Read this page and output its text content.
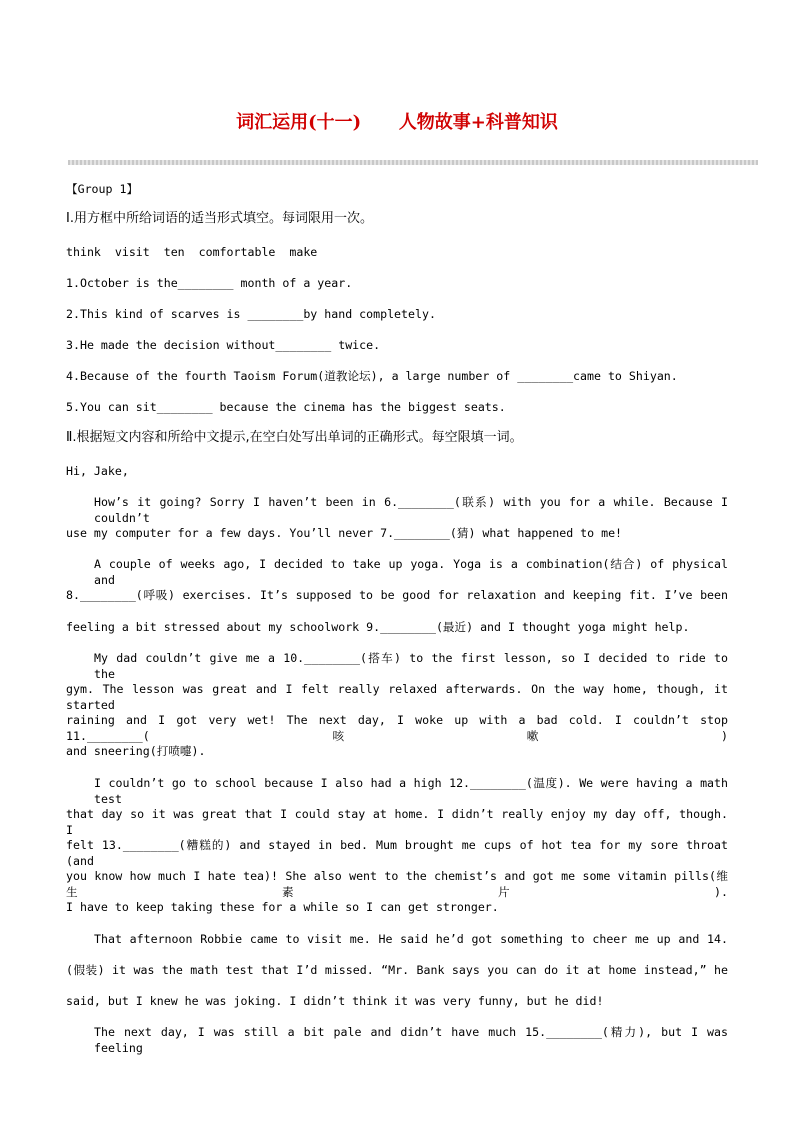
词汇运用(十一)      人物故事+科普知识
【Group 1】
Ⅰ.用方框中所给词语的适当形式填空。每词限用一次。
think  visit  ten  comfortable  make
1.October is the________ month of a year.
2.This kind of scarves is ________by hand completely.
3.He made the decision without________ twice.
4.Because of the fourth Taoism Forum(道教论坛), a large number of ________came to Shiyan.
5.You can sit________ because the cinema has the biggest seats.
Ⅱ.根据短文内容和所给中文提示,在空白处写出单词的正确形式。每空限填一词。
Hi, Jake,
How’s it going? Sorry I haven’t been in 6.________(联系) with you for a while. Because I couldn’t
use my computer for a few days. You’ll never 7.________(猜) what happened to me!
A couple of weeks ago, I decided to take up yoga. Yoga is a combination(结合) of physical and
8.________(呼吸) exercises. It’s supposed to be good for relaxation and keeping fit. I’ve been
feeling a bit stressed about my schoolwork 9.________(最近) and I thought yoga might help.
My dad couldn’t give me a 10.________(搭车) to the first lesson, so I decided to ride to the
gym. The lesson was great and I felt really relaxed afterwards. On the way home, though, it started
raining and I got very wet! The next day, I woke up with a bad cold. I couldn’t stop 11.________(咳嗽)
and sneering(打喷嚏).
I couldn’t go to school because I also had a high 12.________(温度). We were having a math test
that day so it was great that I could stay at home. I didn’t really enjoy my day off, though. I
felt 13.________(糟糕的) and stayed in bed. Mum brought me cups of hot tea for my sore throat (and
you know how much I hate tea)! She also went to the chemist’s and got me some vitamin pills(维生素片).
I have to keep taking these for a while so I can get stronger.
That afternoon Robbie came to visit me. He said he’d got something to cheer me up and 14.
(假装) it was the math test that I’d missed. “Mr. Bank says you can do it at home instead,” he
said, but I knew he was joking. I didn’t think it was very funny, but he did!
The next day, I was still a bit pale and didn’t have much 15.________(精力), but I was feeling
